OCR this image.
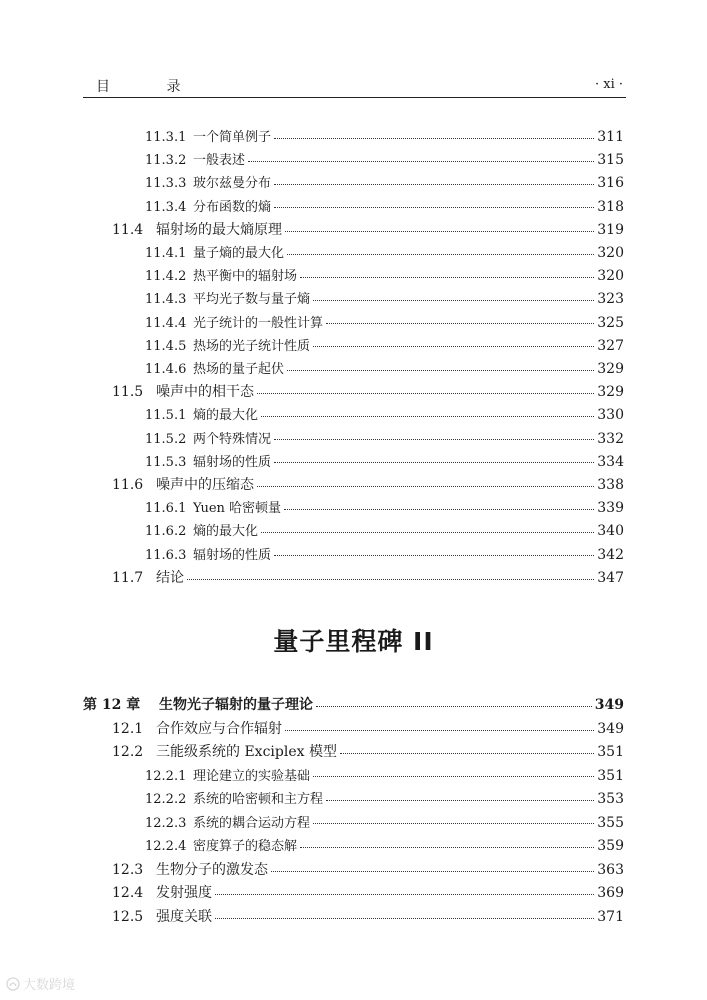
目 录	· xi ·
11.3.1 一个简单例子	311
11.3.2 一般表述	315
11.3.3 玻尔兹曼分布	316
11.3.4 分布函数的熵	318
11.4 辐射场的最大熵原理	319
11.4.1 量子熵的最大化	320
11.4.2 热平衡中的辐射场	320
11.4.3 平均光子数与量子熵	323
11.4.4 光子统计的一般性计算	325
11.4.5 热场的光子统计性质	327
11.4.6 热场的量子起伏	329
11.5 噪声中的相干态	329
11.5.1 熵的最大化	330
11.5.2 两个特殊情况	332
11.5.3 辐射场的性质	334
11.6 噪声中的压缩态	338
11.6.1 Yuen 哈密顿量	339
11.6.2 熵的最大化	340
11.6.3 辐射场的性质	342
11.7 结论	347
第 12 章	生物光子辐射的量子理论	349
12.1 合作效应与合作辐射	349
12.2 三能级系统的 Exciplex 模型	351
12.2.1 理论建立的实验基础	351
12.2.2 系统的哈密顿和主方程	353
12.2.3 系统的耦合运动方程	355
12.2.4 密度算子的稳态解	359
12.3 生物分子的激发态	363
12.4 发射强度	369
12.5 强度关联	371
量子里程碑 II
大数跨境
